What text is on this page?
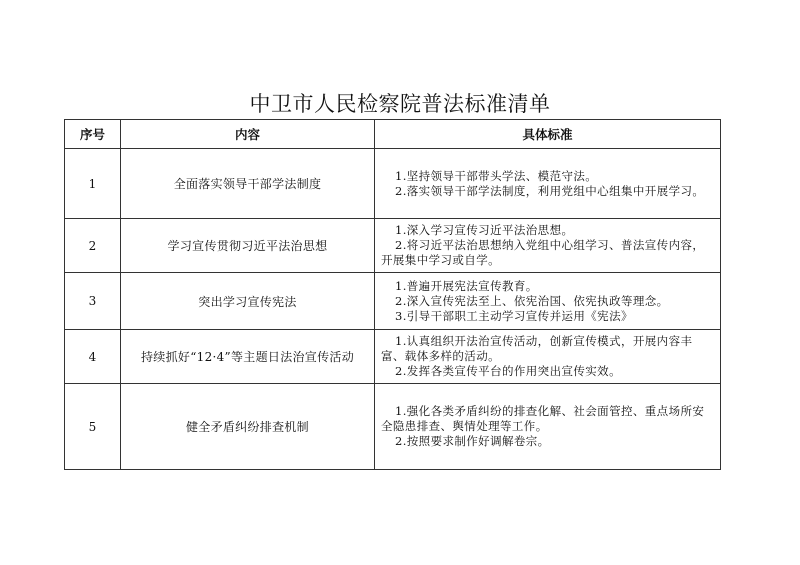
中卫市人民检察院普法标准清单
序号	内容	具体标准
1	全面落实领导干部学法制度	1.坚持领导干部带头学法、模范守法。
2.落实领导干部学法制度，利用党组中心组集中开展学习。

2	学习宣传贯彻习近平法治思想	1.深入学习宣传习近平法治思想。
2.将习近平法治思想纳入党组中心组学习、普法宣传内容，开展集中学习或自学。

3	突出学习宣传宪法	1.普遍开展宪法宣传教育。
2.深入宣传宪法至上、依宪治国、依宪执政等理念。
3.引导干部职工主动学习宣传并运用《宪法》

4	持续抓好“12·4”等主题日法治宣传活动	1.认真组织开法治宣传活动，创新宣传模式，开展内容丰富、载体多样的活动。
2.发挥各类宣传平台的作用突出宣传实效。

5	健全矛盾纠纷排查机制	1.强化各类矛盾纠纷的排查化解、社会面管控、重点场所安全隐患排查、舆情处理等工作。
2.按照要求制作好调解卷宗。
